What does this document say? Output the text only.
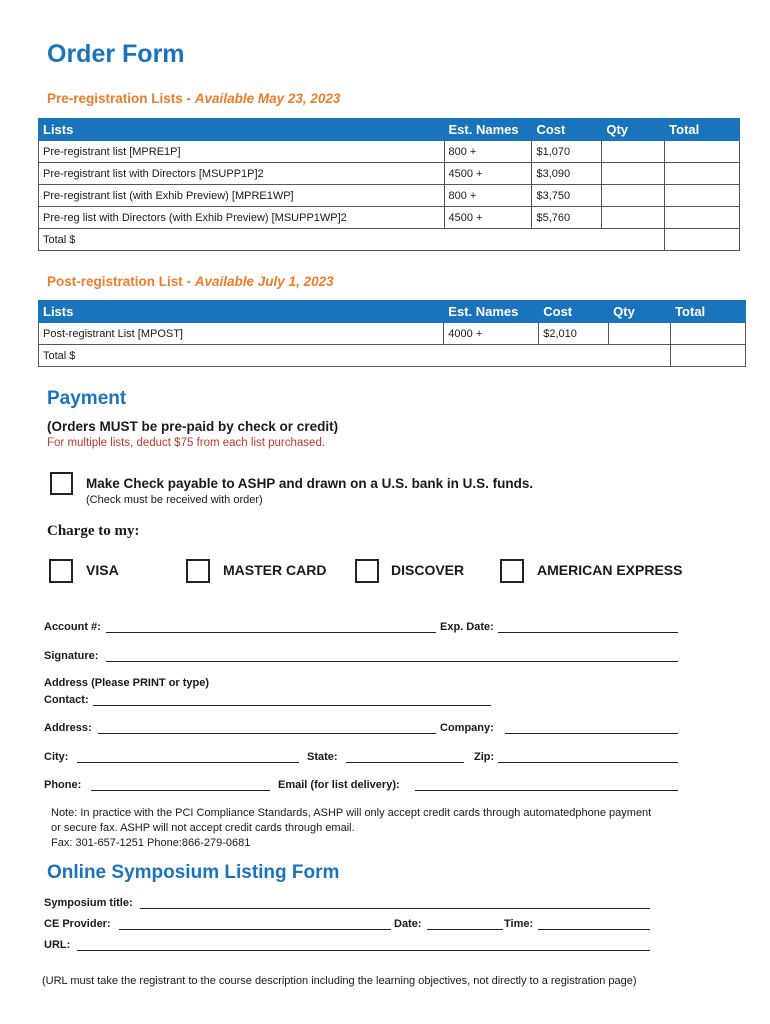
Order Form
Pre-registration Lists - Available May 23, 2023
Lists	Est. Names	Cost	Qty	Total
Pre-registrant list [MPRE1P]	800 +	$1,070		
Pre-registrant list with Directors [MSUPP1P]2	4500 +	$3,090		
Pre-registrant list (with Exhib Preview) [MPRE1WP]	800 +	$3,750		
Pre-reg list with Directors (with Exhib Preview) [MSUPP1WP]2	4500 +	$5,760		
Total $				
Post-registration List - Available July 1, 2023
Lists	Est. Names	Cost	Qty	Total
Post-registrant List [MPOST]	4000 +	$2,010		
Total $				
Payment
(Orders MUST be pre-paid by check or credit)
For multiple lists, deduct $75 from each list purchased.
Make Check payable to ASHP and drawn on a U.S. bank in U.S. funds.
(Check must be received with order)
Charge to my:
VISA	MASTER CARD	DISCOVER	AMERICAN EXPRESS
Account #:	Exp. Date:
Signature:
Address (Please PRINT or type)
Contact:
Address:	Company:
City:	State:	Zip:
Phone:	Email (for list delivery):
Note: In practice with the PCI Compliance Standards, ASHP will only accept credit cards through automatedphone payment
or secure fax. ASHP will not accept credit cards through email.
Fax: 301-657-1251 Phone:866-279-0681
Online Symposium Listing Form
Symposium title:
CE Provider:	Date:	Time:
URL:
(URL must take the registrant to the course description including the learning objectives, not directly to a registration page)
